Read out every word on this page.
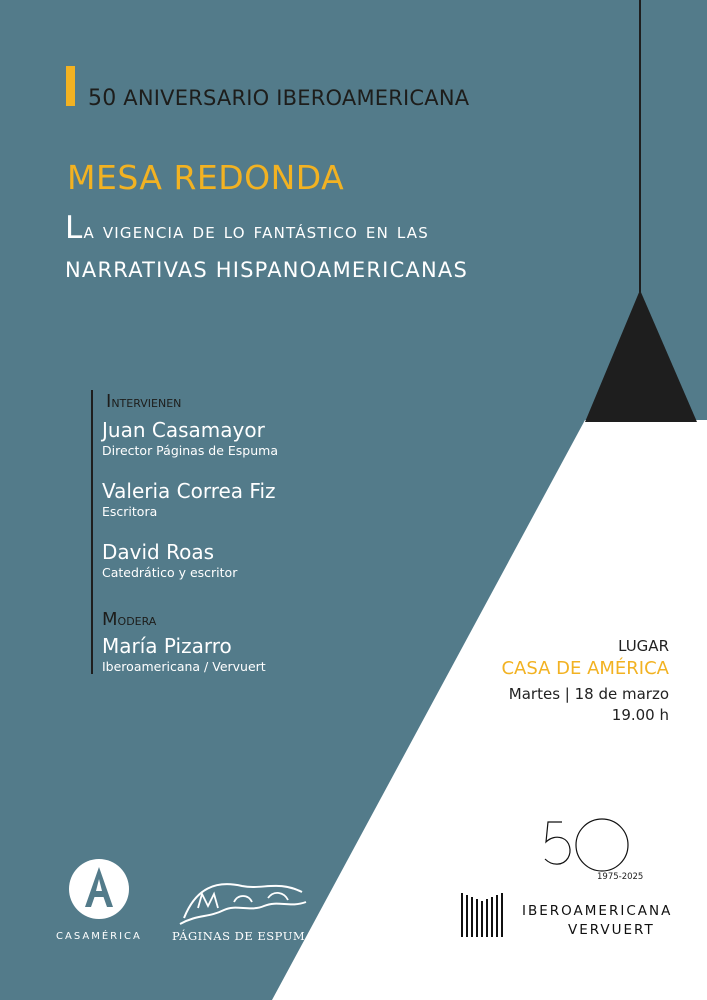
50 ANIVERSARIO IBEROAMERICANA
MESA REDONDA
La vigencia de lo fantástico en las
NARRATIVAS HISPANOAMERICANAS
Intervienen
Juan Casamayor
Director Páginas de Espuma
Valeria Correa Fiz
Escritora
David Roas
Catedrático y escritor
Modera
María Pizarro
Iberoamericana / Vervuert
LUGAR
CASA DE AMÉRICA
Martes | 18 de marzo
19.00 h
CASAMÉRICA	PÁGINAS DE ESPUMA
1975-2025
IBEROAMERICANA
VERVUERT
